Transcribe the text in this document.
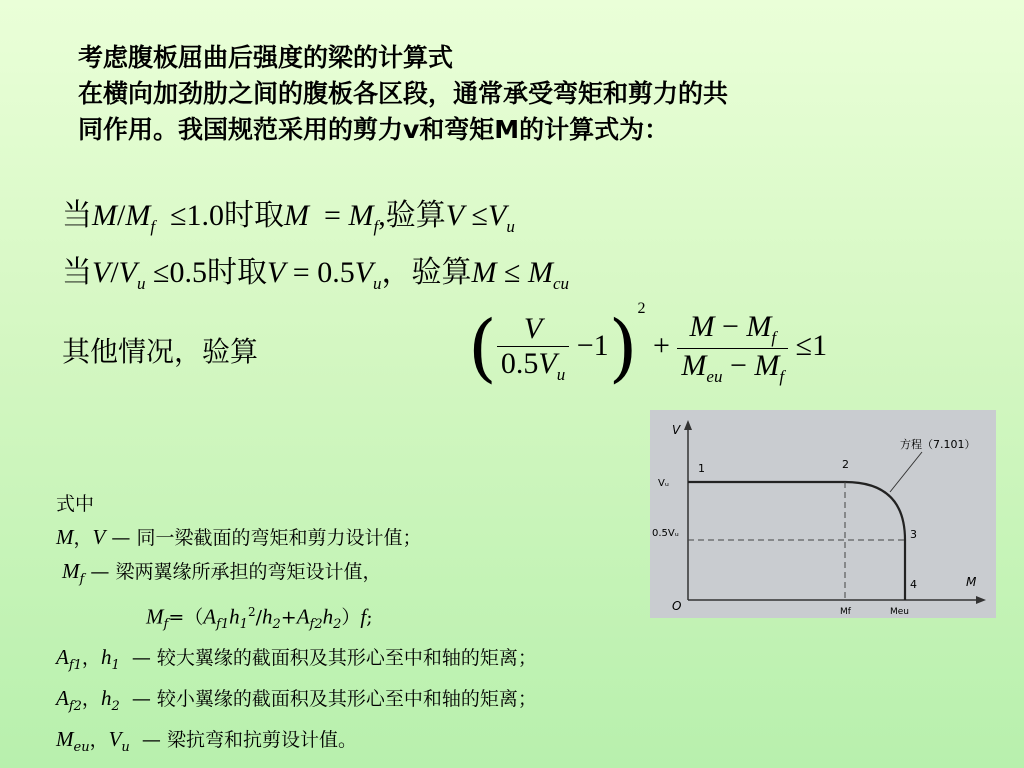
考虑腹板屈曲后强度的梁的计算式
在横向加劲肋之间的腹板各区段，通常承受弯矩和剪力的共
同作用。我国规范采用的剪力v和弯矩M的计算式为：
当$M/M_f \le 1.0$时取$M = M_f$,验算$V \le V_u$
当$V/V_u \le 0.5$时取$V = 0.5V_u$，验算$M \le M_{cu}$
其他情况，验算	( $\frac{V}{0.5V_u} -1)^2 + \frac{M - M_f}{M_{eu} - M_f} \le 1$
式中
M，V — 同一梁截面的弯矩和剪力设计值；
$M_f$ — 梁两翼缘所承担的弯矩设计值，
$M_f=(A_{f1}h_1^2/h_2+A_{f2}h_2)f$;
$A_{f1}$，$h_1$ — 较大翼缘的截面积及其形心至中和轴的矩离；
$A_{f2}$，$h_2$ — 较小翼缘的截面积及其形心至中和轴的矩离；
$M_{eu}$，$V_u$ — 梁抗弯和抗剪设计值。
V
M
O
Vᵤ
0.5Vᵤ
Mf	Meu
方程（7.101）
1	2
3
4
